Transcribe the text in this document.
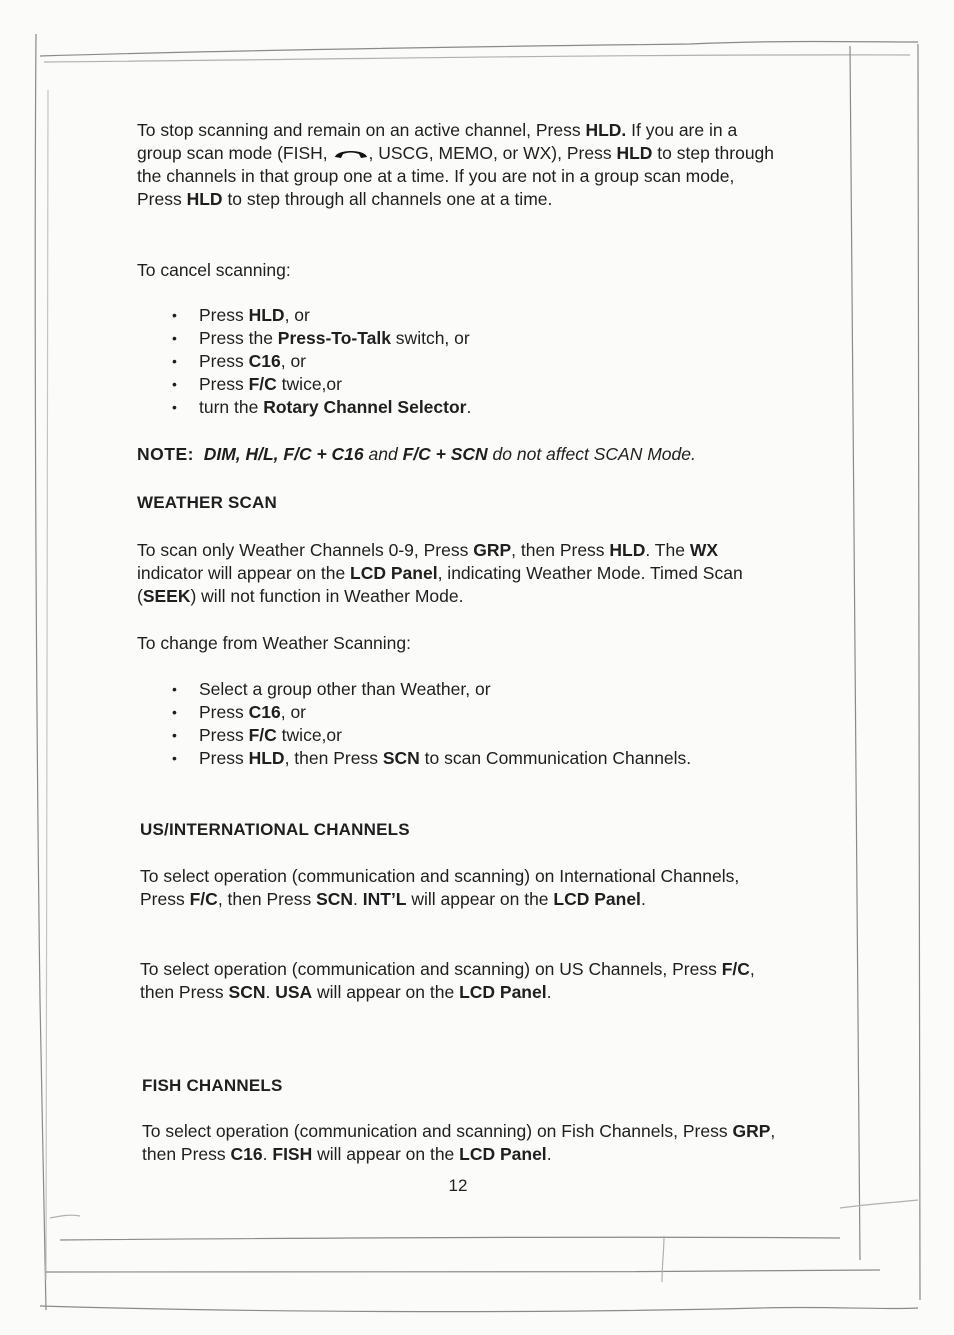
To stop scanning and remain on an active channel, Press HLD. If you are in a group scan mode (FISH, , USCG, MEMO, or WX), Press HLD to step through the channels in that group one at a time. If you are not in a group scan mode, Press HLD to step through all channels one at a time.

To cancel scanning:

• Press HLD, or
• Press the Press-To-Talk switch, or
• Press C16, or
• Press F/C twice,or
• turn the Rotary Channel Selector.

NOTE: DIM, H/L, F/C + C16 and F/C + SCN do not affect SCAN Mode.

WEATHER SCAN

To scan only Weather Channels 0-9, Press GRP, then Press HLD. The WX indicator will appear on the LCD Panel, indicating Weather Mode. Timed Scan (SEEK) will not function in Weather Mode.

To change from Weather Scanning:

• Select a group other than Weather, or
• Press C16, or
• Press F/C twice,or
• Press HLD, then Press SCN to scan Communication Channels.

US/INTERNATIONAL CHANNELS

To select operation (communication and scanning) on International Channels, Press F/C, then Press SCN. INT’L will appear on the LCD Panel.

To select operation (communication and scanning) on US Channels, Press F/C, then Press SCN. USA will appear on the LCD Panel.

FISH CHANNELS

To select operation (communication and scanning) on Fish Channels, Press GRP, then Press C16. FISH will appear on the LCD Panel.

12
